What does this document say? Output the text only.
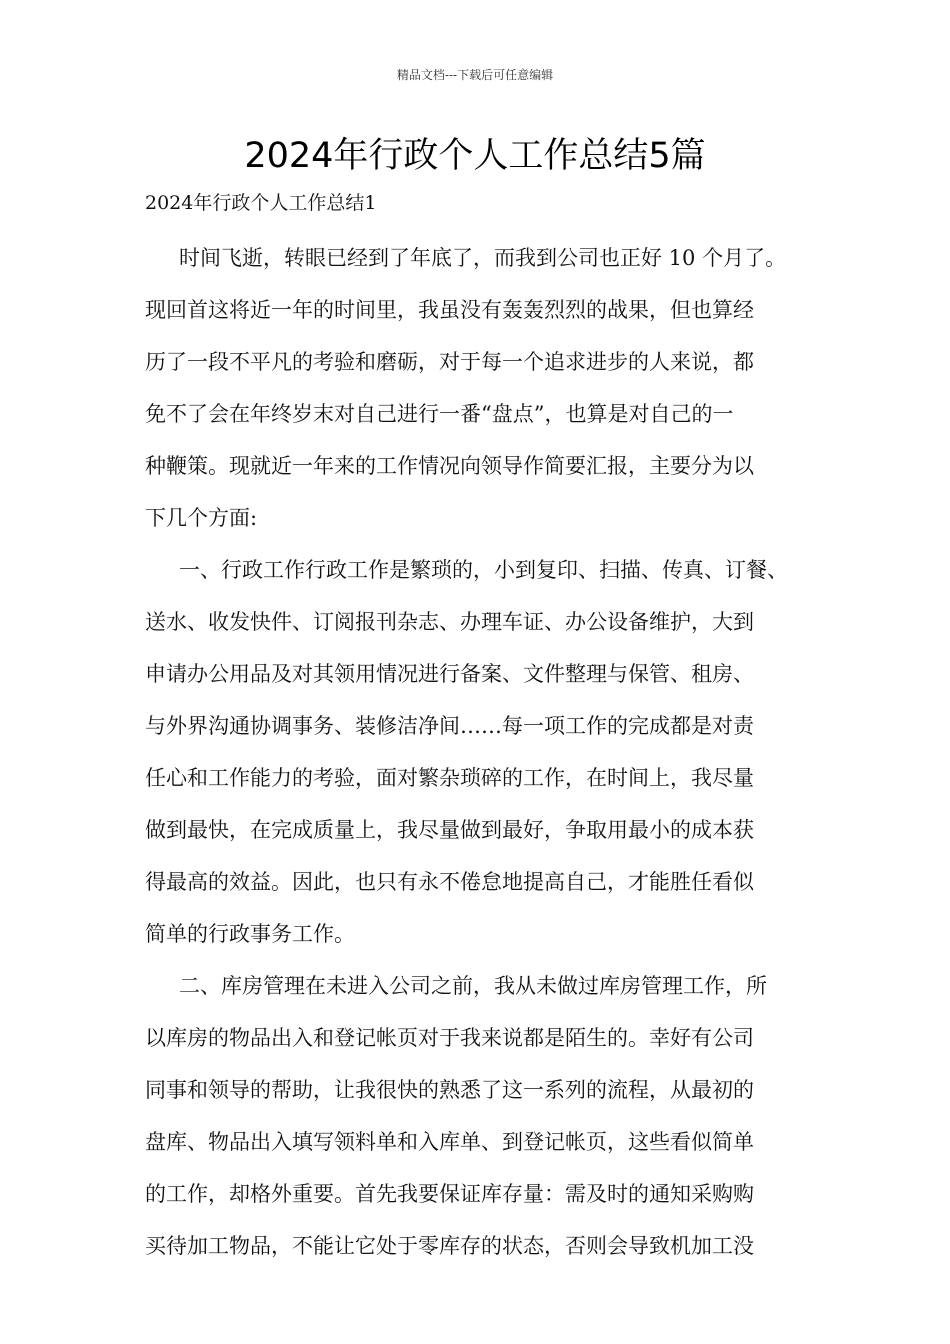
精品文档---下载后可任意编辑
2024年行政个人工作总结5篇
2024年行政个人工作总结1
时间飞逝，转眼已经到了年底了，而我到公司也正好 10 个月了。
现回首这将近一年的时间里，我虽没有轰轰烈烈的战果，但也算经
历了一段不平凡的考验和磨砺，对于每一个追求进步的人来说，都
免不了会在年终岁末对自己进行一番“盘点”，也算是对自己的一
种鞭策。现就近一年来的工作情况向领导作简要汇报，主要分为以
下几个方面:
一、行政工作行政工作是繁琐的，小到复印、扫描、传真、订餐、
送水、收发快件、订阅报刊杂志、办理车证、办公设备维护，大到
申请办公用品及对其领用情况进行备案、文件整理与保管、租房、
与外界沟通协调事务、装修洁净间……每一项工作的完成都是对责
任心和工作能力的考验，面对繁杂琐碎的工作，在时间上，我尽量
做到最快，在完成质量上，我尽量做到最好，争取用最小的成本获
得最高的效益。因此，也只有永不倦怠地提高自己，才能胜任看似
简单的行政事务工作。
二、库房管理在未进入公司之前，我从未做过库房管理工作，所
以库房的物品出入和登记帐页对于我来说都是陌生的。幸好有公司
同事和领导的帮助，让我很快的熟悉了这一系列的流程，从最初的
盘库、物品出入填写领料单和入库单、到登记帐页，这些看似简单
的工作，却格外重要。首先我要保证库存量：需及时的通知采购购
买待加工物品，不能让它处于零库存的状态，否则会导致机加工没
